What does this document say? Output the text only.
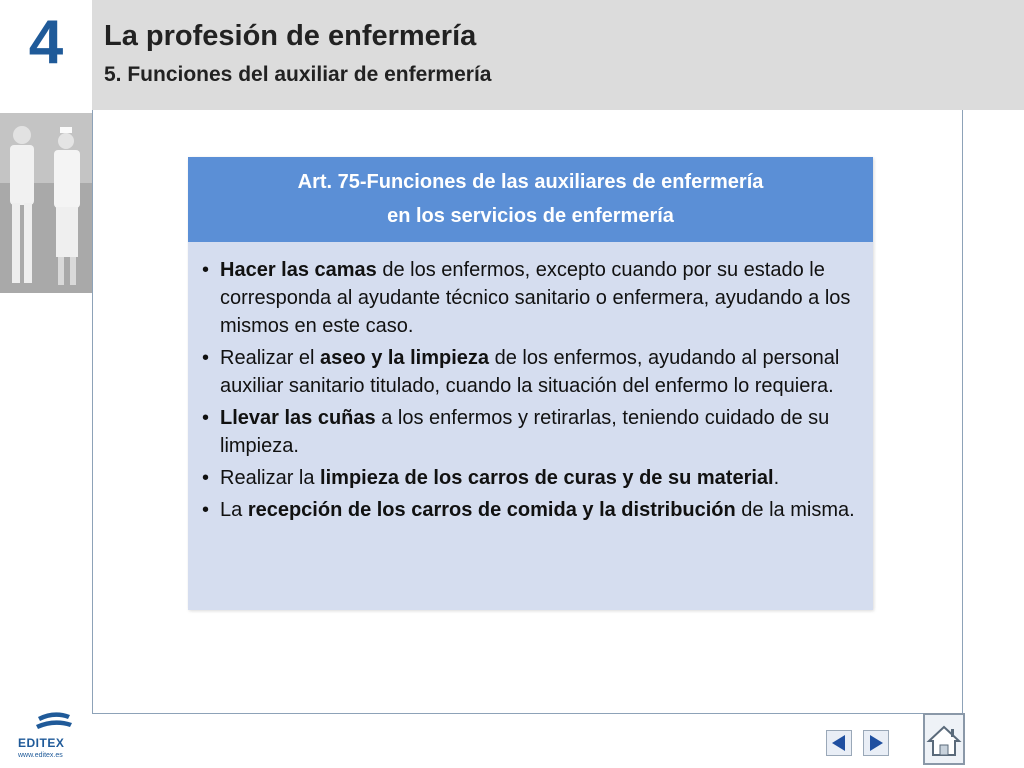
4	La profesión de enfermería
5. Funciones del auxiliar de enfermería
Art. 75-Funciones de las auxiliares de enfermería
en los servicios de enfermería
• Hacer las camas de los enfermos, excepto cuando por su estado le corresponda al ayudante técnico sanitario o enfermera, ayudando a los mismos en este caso.
• Realizar el aseo y la limpieza de los enfermos, ayudando al personal auxiliar sanitario titulado, cuando la situación del enfermo lo requiera.
• Llevar las cuñas a los enfermos y retirarlas, teniendo cuidado de su limpieza.
• Realizar la limpieza de los carros de curas y de su material.
• La recepción de los carros de comida y la distribución de la misma.
EDITEX
www.editex.es
